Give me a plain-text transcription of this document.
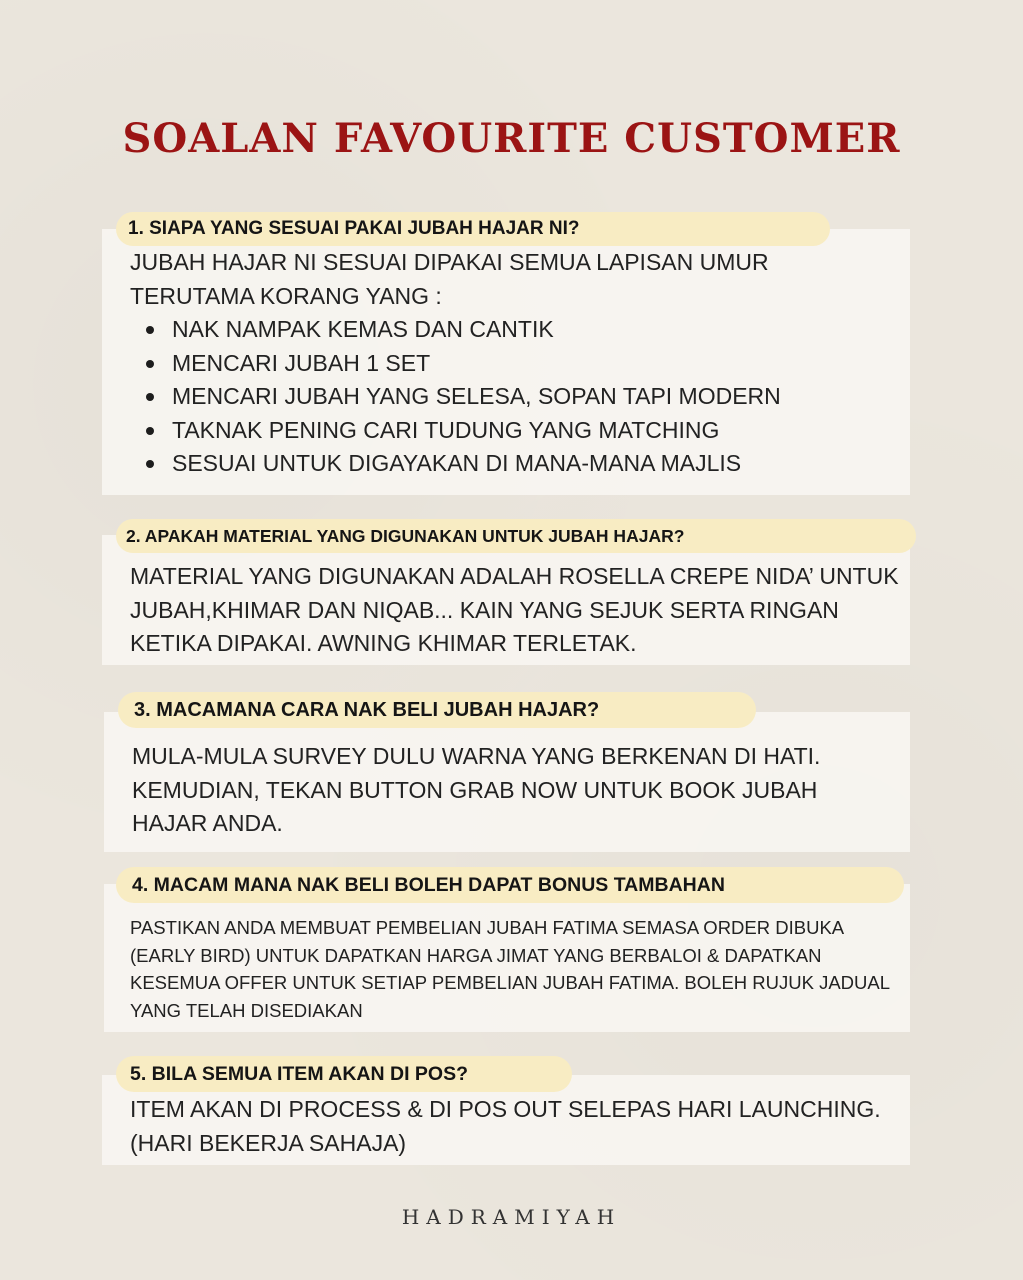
SOALAN FAVOURITE CUSTOMER
1. SIAPA YANG SESUAI PAKAI JUBAH HAJAR NI?
JUBAH HAJAR NI SESUAI DIPAKAI SEMUA LAPISAN UMUR
TERUTAMA KORANG YANG :
NAK NAMPAK KEMAS DAN CANTIK
MENCARI JUBAH 1 SET
MENCARI JUBAH YANG SELESA, SOPAN TAPI MODERN
TAKNAK PENING CARI TUDUNG YANG MATCHING
SESUAI UNTUK DIGAYAKAN DI MANA-MANA MAJLIS
2. APAKAH MATERIAL YANG DIGUNAKAN UNTUK JUBAH HAJAR?
MATERIAL YANG DIGUNAKAN ADALAH ROSELLA CREPE NIDA’ UNTUK
JUBAH,KHIMAR DAN NIQAB... KAIN YANG SEJUK SERTA RINGAN
KETIKA DIPAKAI. AWNING KHIMAR TERLETAK.
3. MACAMANA CARA NAK BELI JUBAH HAJAR?
MULA-MULA SURVEY DULU WARNA YANG BERKENAN DI HATI.
KEMUDIAN, TEKAN BUTTON GRAB NOW UNTUK BOOK JUBAH
HAJAR ANDA.
4. MACAM MANA NAK BELI BOLEH DAPAT BONUS TAMBAHAN
PASTIKAN ANDA MEMBUAT PEMBELIAN JUBAH FATIMA SEMASA ORDER DIBUKA
(EARLY BIRD) UNTUK DAPATKAN HARGA JIMAT YANG BERBALOI & DAPATKAN
KESEMUA OFFER UNTUK SETIAP PEMBELIAN JUBAH FATIMA. BOLEH RUJUK JADUAL
YANG TELAH DISEDIAKAN
5. BILA SEMUA ITEM AKAN DI POS?
ITEM AKAN DI PROCESS & DI POS OUT SELEPAS HARI LAUNCHING.
(HARI BEKERJA SAHAJA)
HADRAMIYAH
